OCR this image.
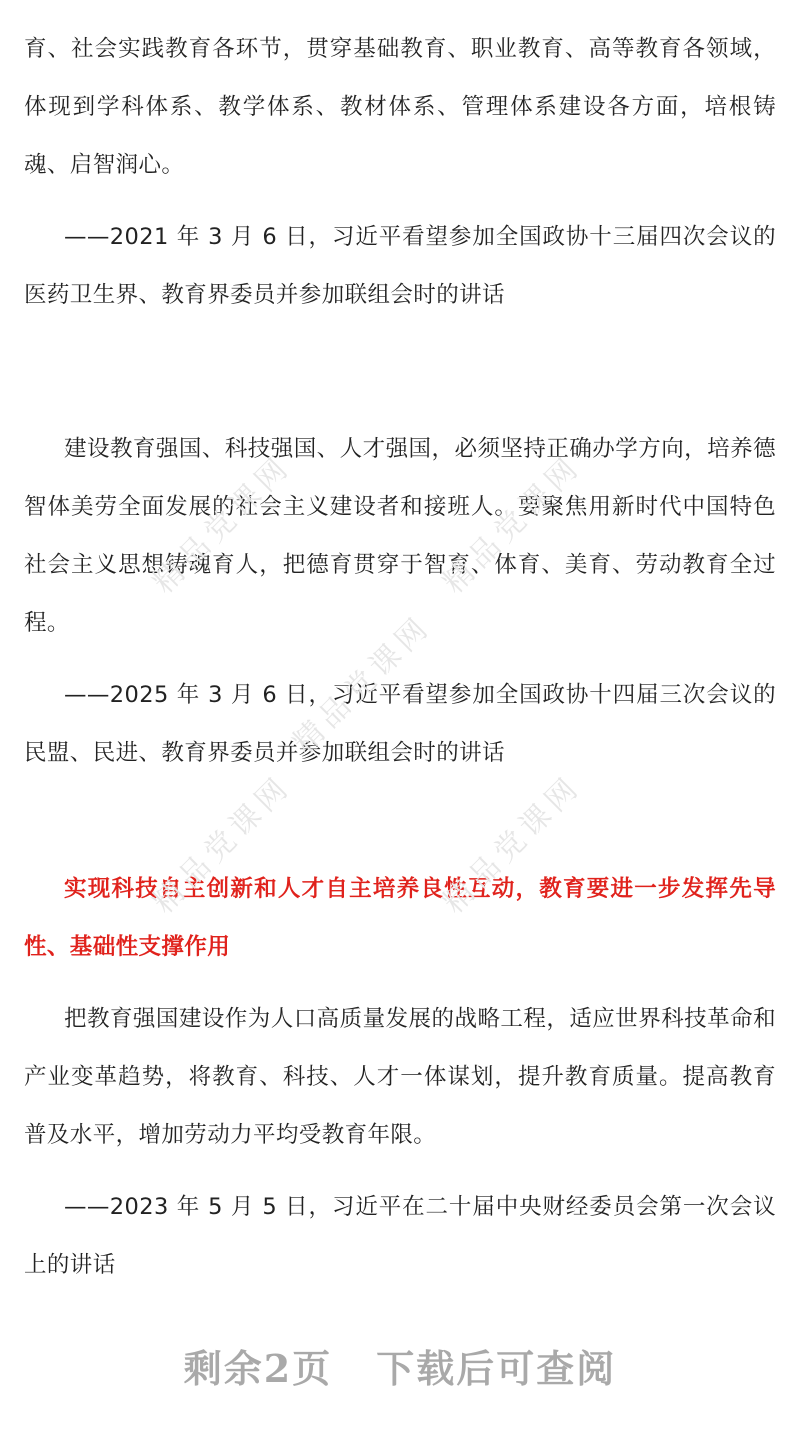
精品党课网	精品党课网
精品党课网
精品党课网	精品党课网

育、社会实践教育各环节，贯穿基础教育、职业教育、高等教育各领域，体现到学科体系、教学体系、教材体系、管理体系建设各方面，培根铸魂、启智润心。

——2021 年 3 月 6 日，习近平看望参加全国政协十三届四次会议的医药卫生界、教育界委员并参加联组会时的讲话

建设教育强国、科技强国、人才强国，必须坚持正确办学方向，培养德智体美劳全面发展的社会主义建设者和接班人。要聚焦用新时代中国特色社会主义思想铸魂育人，把德育贯穿于智育、体育、美育、劳动教育全过程。

——2025 年 3 月 6 日，习近平看望参加全国政协十四届三次会议的民盟、民进、教育界委员并参加联组会时的讲话

实现科技自主创新和人才自主培养良性互动，教育要进一步发挥先导性、基础性支撑作用

把教育强国建设作为人口高质量发展的战略工程，适应世界科技革命和产业变革趋势，将教育、科技、人才一体谋划，提升教育质量。提高教育普及水平，增加劳动力平均受教育年限。

——2023 年 5 月 5 日，习近平在二十届中央财经委员会第一次会议上的讲话

剩余2页 下载后可查阅
